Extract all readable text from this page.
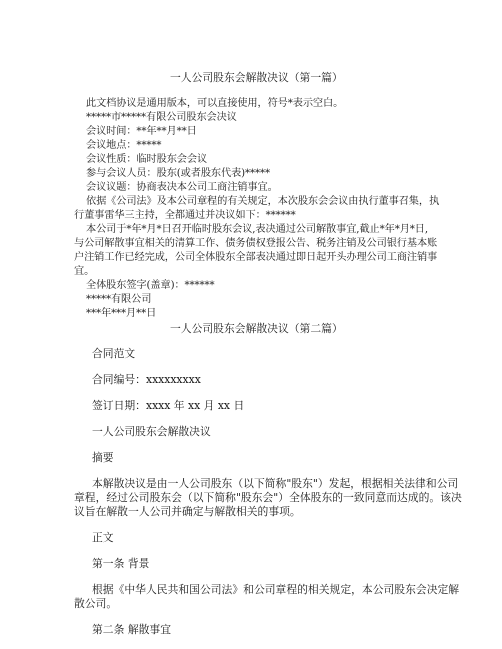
一人公司股东会解散决议（第一篇）

此文档协议是通用版本，可以直接使用，符号*表示空白。

*****市*****有限公司股东会决议

会议时间：**年**月**日

会议地点：*****

会议性质：临时股东会会议

参与会议人员：股东(或者股东代表)*****

会议议题：协商表决本公司工商注销事宜。

依据《公司法》及本公司章程的有关规定，本次股东会会议由执行董事召集，执

行董事雷华三主持，全都通过并决议如下：******

本公司于*年*月*日召开临时股东会议,表决通过公司解散事宜,截止*年*月*日,

与公司解散事宜相关的清算工作、债务债权登报公告、税务注销及公司银行基本账

户注销工作已经完成，公司全体股东全部表决通过即日起开头办理公司工商注销事

宜。

全体股东签字(盖章)：******

*****有限公司

***年***月**日

一人公司股东会解散决议（第二篇）

合同范文

合同编号：xxxxxxxxx

签订日期：xxxx 年 xx 月 xx 日

一人公司股东会解散决议

摘要

本解散决议是由一人公司股东（以下简称"股东"）发起，根据相关法律和公司

章程，经过公司股东会（以下简称"股东会"）全体股东的一致同意而达成的。该决

议旨在解散一人公司并确定与解散相关的事项。

正文

第一条 背景

根据《中华人民共和国公司法》和公司章程的相关规定，本公司股东会决定解

散公司。

第二条 解散事宜
